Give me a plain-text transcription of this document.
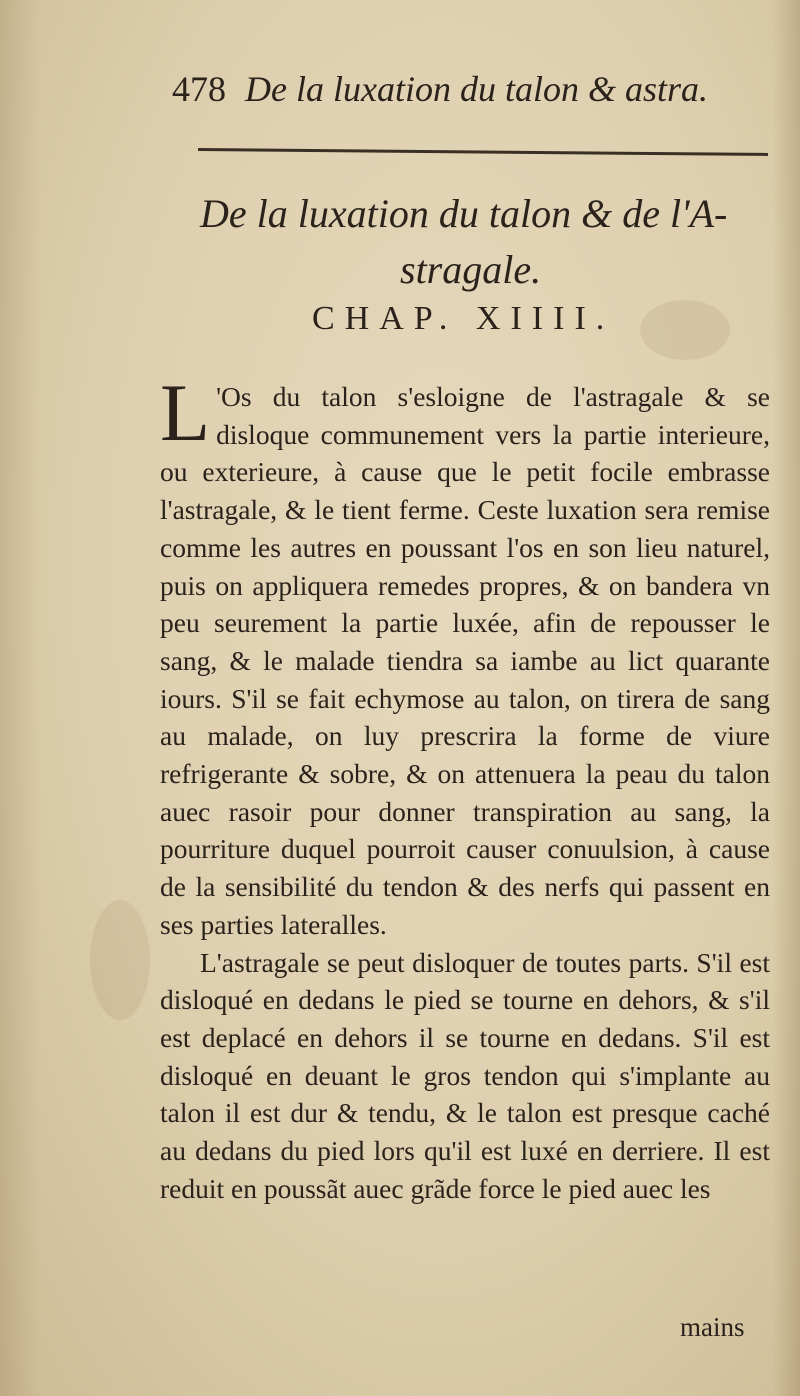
478 De la luxation du talon & astra.
De la luxation du talon & de l'A-
stragale.
CHAP. XIIII.

L 'Os du talon s'esloigne de l'astragale & se disloque communement vers la partie interieure, ou exterieure, à cause que le petit focile embrasse l'astragale, & le tient ferme. Ceste luxation sera remise comme les autres en poussant l'os en son lieu naturel, puis on appliquera remedes propres, & on bandera vn peu seurement la partie luxée, afin de repousser le sang, & le malade tiendra sa iambe au lict quarante iours. S'il se fait echymose au talon, on tirera de sang au malade, on luy prescrira la forme de viure refrigerante & sobre, & on attenuera la peau du talon auec rasoir pour donner transpiration au sang, la pourriture duquel pourroit causer conuulsion, à cause de la sensibilité du tendon & des nerfs qui passent en ses parties lateralles.

L'astragale se peut disloquer de toutes parts. S'il est disloqué en dedans le pied se tourne en dehors, & s'il est deplacé en dehors il se tourne en dedans. S'il est disloqué en deuant le gros tendon qui s'implante au talon il est dur & tendu, & le talon est presque caché au dedans du pied lors qu'il est luxé en derriere. Il est reduit en poussãt auec grãde force le pied auec les

mains
